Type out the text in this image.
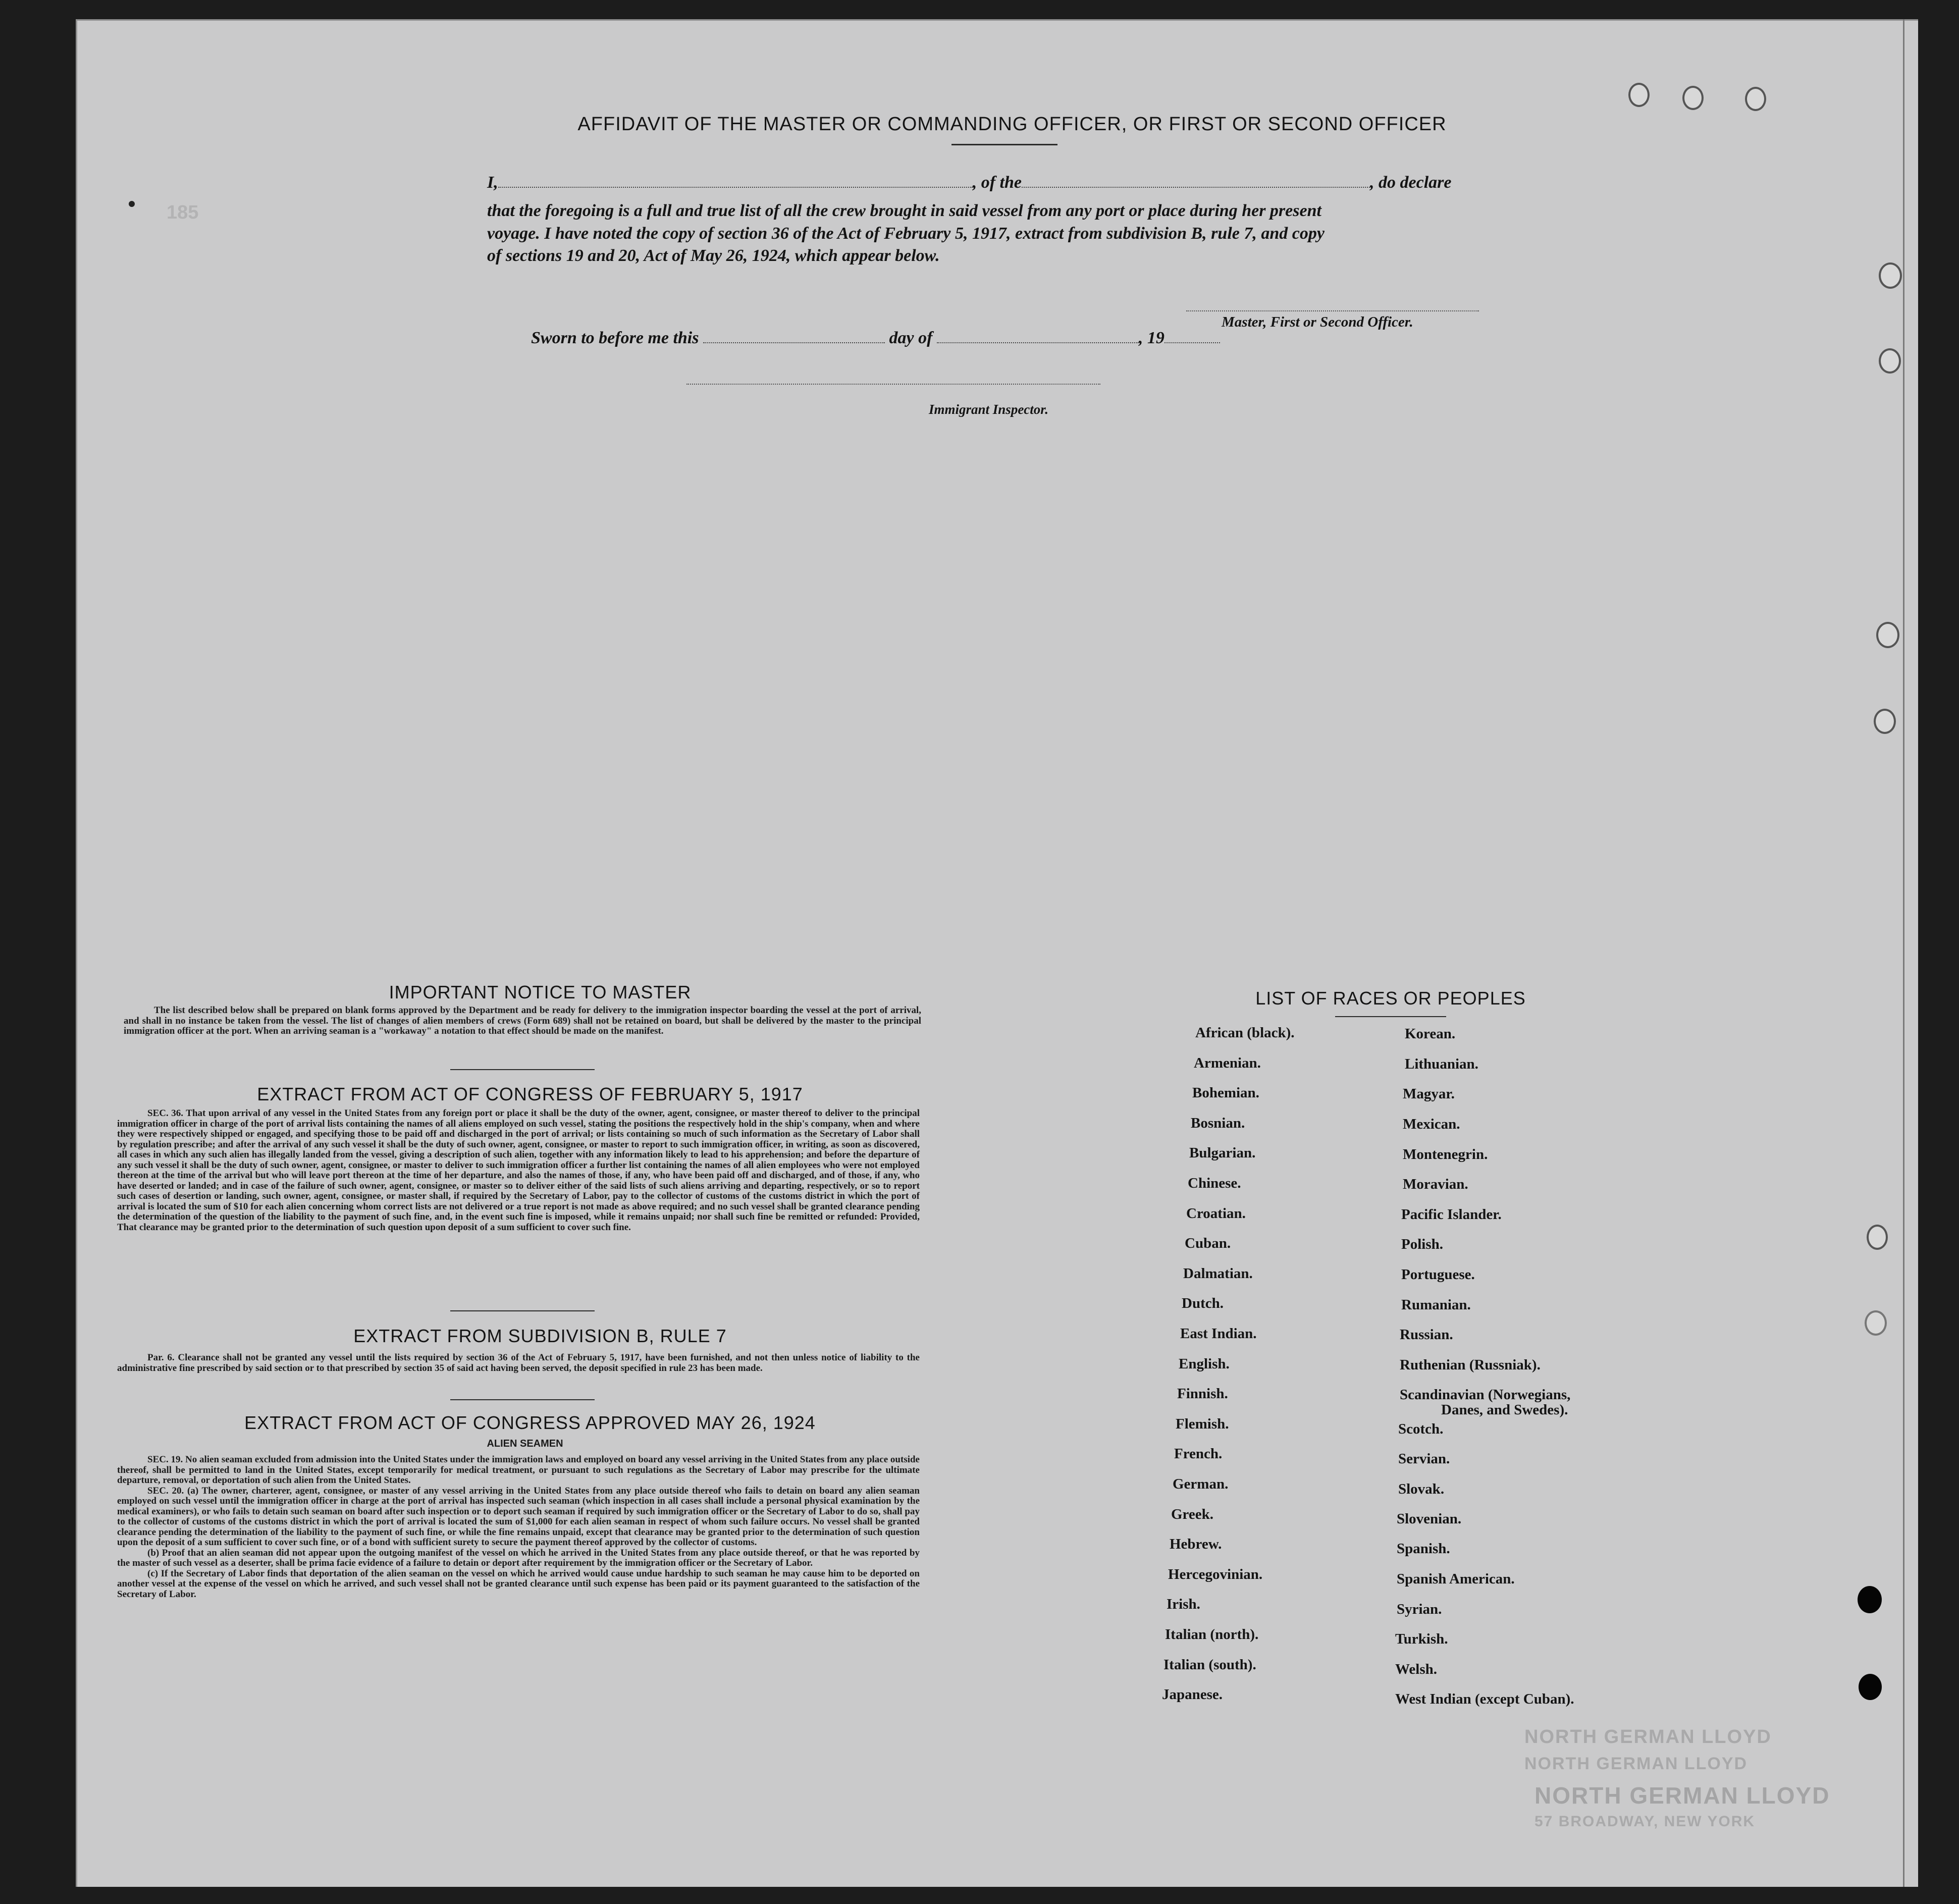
185
AFFIDAVIT OF THE MASTER OR COMMANDING OFFICER, OR FIRST OR SECOND OFFICER
I,	, of the	, do declare
that the foregoing is a full and true list of all the crew brought in said vessel from any port or place during her present
voyage. I have noted the copy of section 36 of the Act of February 5, 1917, extract from subdivision B, rule 7, and copy
of sections 19 and 20, Act of May 26, 1924, which appear below.
Master, First or Second Officer.
Sworn to before me this	day of	, 19
Immigrant Inspector.
IMPORTANT NOTICE TO MASTER

The list described below shall be prepared on blank forms approved by the Department and be ready for delivery to the immigration inspector boarding the vessel at the port of arrival, and shall in no instance be taken from the vessel. The list of changes of alien members of crews (Form 689) shall not be retained on board, but shall be delivered by the master to the principal immigration officer at the port. When an arriving seaman is a "workaway" a notation to that effect should be made on the manifest.

EXTRACT FROM ACT OF CONGRESS OF FEBRUARY 5, 1917

SEC. 36. That upon arrival of any vessel in the United States from any foreign port or place it shall be the duty of the owner, agent, consignee, or master thereof to deliver to the principal immigration officer in charge of the port of arrival lists containing the names of all aliens employed on such vessel, stating the positions the respectively hold in the ship's company, when and where they were respectively shipped or engaged, and specifying those to be paid off and discharged in the port of arrival; or lists containing so much of such information as the Secretary of Labor shall by regulation prescribe; and after the arrival of any such vessel it shall be the duty of such owner, agent, consignee, or master to report to such immigration officer, in writing, as soon as discovered, all cases in which any such alien has illegally landed from the vessel, giving a description of such alien, together with any information likely to lead to his apprehension; and before the departure of any such vessel it shall be the duty of such owner, agent, consignee, or master to deliver to such immigration officer a further list containing the names of all alien employees who were not employed thereon at the time of the arrival but who will leave port thereon at the time of her departure, and also the names of those, if any, who have been paid off and discharged, and of those, if any, who have deserted or landed; and in case of the failure of such owner, agent, consignee, or master so to deliver either of the said lists of such aliens arriving and departing, respectively, or so to report such cases of desertion or landing, such owner, agent, consignee, or master shall, if required by the Secretary of Labor, pay to the collector of customs of the customs district in which the port of arrival is located the sum of $10 for each alien concerning whom correct lists are not delivered or a true report is not made as above required; and no such vessel shall be granted clearance pending the determination of the question of the liability to the payment of such fine, and, in the event such fine is imposed, while it remains unpaid; nor shall such fine be remitted or refunded: Provided, That clearance may be granted prior to the determination of such question upon deposit of a sum sufficient to cover such fine.

EXTRACT FROM SUBDIVISION B, RULE 7

Par. 6. Clearance shall not be granted any vessel until the lists required by section 36 of the Act of February 5, 1917, have been furnished, and not then unless notice of liability to the administrative fine prescribed by said section or to that prescribed by section 35 of said act having been served, the deposit specified in rule 23 has been made.

EXTRACT FROM ACT OF CONGRESS APPROVED MAY 26, 1924
ALIEN SEAMEN

SEC. 19. No alien seaman excluded from admission into the United States under the immigration laws and employed on board any vessel arriving in the United States from any place outside thereof, shall be permitted to land in the United States, except temporarily for medical treatment, or pursuant to such regulations as the Secretary of Labor may prescribe for the ultimate departure, removal, or deportation of such alien from the United States.

SEC. 20. (a) The owner, charterer, agent, consignee, or master of any vessel arriving in the United States from any place outside thereof who fails to detain on board any alien seaman employed on such vessel until the immigration officer in charge at the port of arrival has inspected such seaman (which inspection in all cases shall include a personal physical examination by the medical examiners), or who fails to detain such seaman on board after such inspection or to deport such seaman if required by such immigration officer or the Secretary of Labor to do so, shall pay to the collector of customs of the customs district in which the port of arrival is located the sum of $1,000 for each alien seaman in respect of whom such failure occurs. No vessel shall be granted clearance pending the determination of the liability to the payment of such fine, or while the fine remains unpaid, except that clearance may be granted prior to the determination of such question upon the deposit of a sum sufficient to cover such fine, or of a bond with sufficient surety to secure the payment thereof approved by the collector of customs.

(b) Proof that an alien seaman did not appear upon the outgoing manifest of the vessel on which he arrived in the United States from any place outside thereof, or that he was reported by the master of such vessel as a deserter, shall be prima facie evidence of a failure to detain or deport after requirement by the immigration officer or the Secretary of Labor.

(c) If the Secretary of Labor finds that deportation of the alien seaman on the vessel on which he arrived would cause undue hardship to such seaman he may cause him to be deported on another vessel at the expense of the vessel on which he arrived, and such vessel shall not be granted clearance until such expense has been paid or its payment guaranteed to the satisfaction of the Secretary of Labor.

LIST OF RACES OR PEOPLES
African (black).
Armenian.
Bohemian.
Bosnian.
Bulgarian.
Chinese.
Croatian.
Cuban.
Dalmatian.
Dutch.
East Indian.
English.
Finnish.
Flemish.
French.
German.
Greek.
Hebrew.
Hercegovinian.
Irish.
Italian (north).
Italian (south).
Japanese.
Korean.
Lithuanian.
Magyar.
Mexican.
Montenegrin.
Moravian.
Pacific Islander.
Polish.
Portuguese.
Rumanian.
Russian.
Ruthenian (Russniak).
Scandinavian (Norwegians,
Danes, and Swedes).
Scotch.
Servian.
Slovak.
Slovenian.
Spanish.
Spanish American.
Syrian.
Turkish.
Welsh.
West Indian (except Cuban).
NORTH GERMAN LLOYD
NORTH GERMAN LLOYD
NORTH GERMAN LLOYD
57 BROADWAY, NEW YORK
